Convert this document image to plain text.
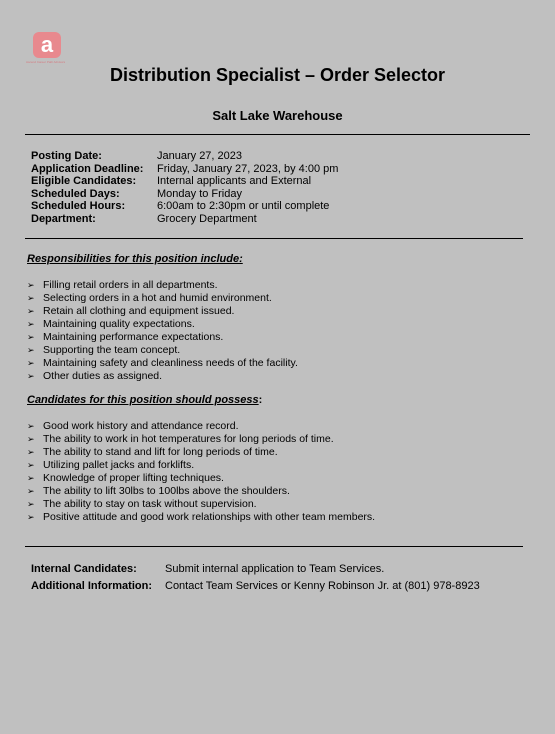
a
Ascend Career Path Advisors
Distribution Specialist – Order Selector
Salt Lake Warehouse
Posting Date:	January 27, 2023
Application Deadline:	Friday, January 27, 2023, by 4:00 pm
Eligible Candidates:	Internal applicants and External
Scheduled Days:	Monday to Friday
Scheduled Hours:	6:00am to 2:30pm or until complete
Department:	Grocery Department
Responsibilities for this position include:
➢ Filling retail orders in all departments.
➢ Selecting orders in a hot and humid environment.
➢ Retain all clothing and equipment issued.
➢ Maintaining quality expectations.
➢ Maintaining performance expectations.
➢ Supporting the team concept.
➢ Maintaining safety and cleanliness needs of the facility.
➢ Other duties as assigned.
Candidates for this position should possess:
➢ Good work history and attendance record.
➢ The ability to work in hot temperatures for long periods of time.
➢ The ability to stand and lift for long periods of time.
➢ Utilizing pallet jacks and forklifts.
➢ Knowledge of proper lifting techniques.
➢ The ability to lift 30lbs to 100lbs above the shoulders.
➢ The ability to stay on task without supervision.
➢ Positive attitude and good work relationships with other team members.
Internal Candidates:	Submit internal application to Team Services.
Additional Information:	Contact Team Services or Kenny Robinson Jr. at (801) 978-8923
